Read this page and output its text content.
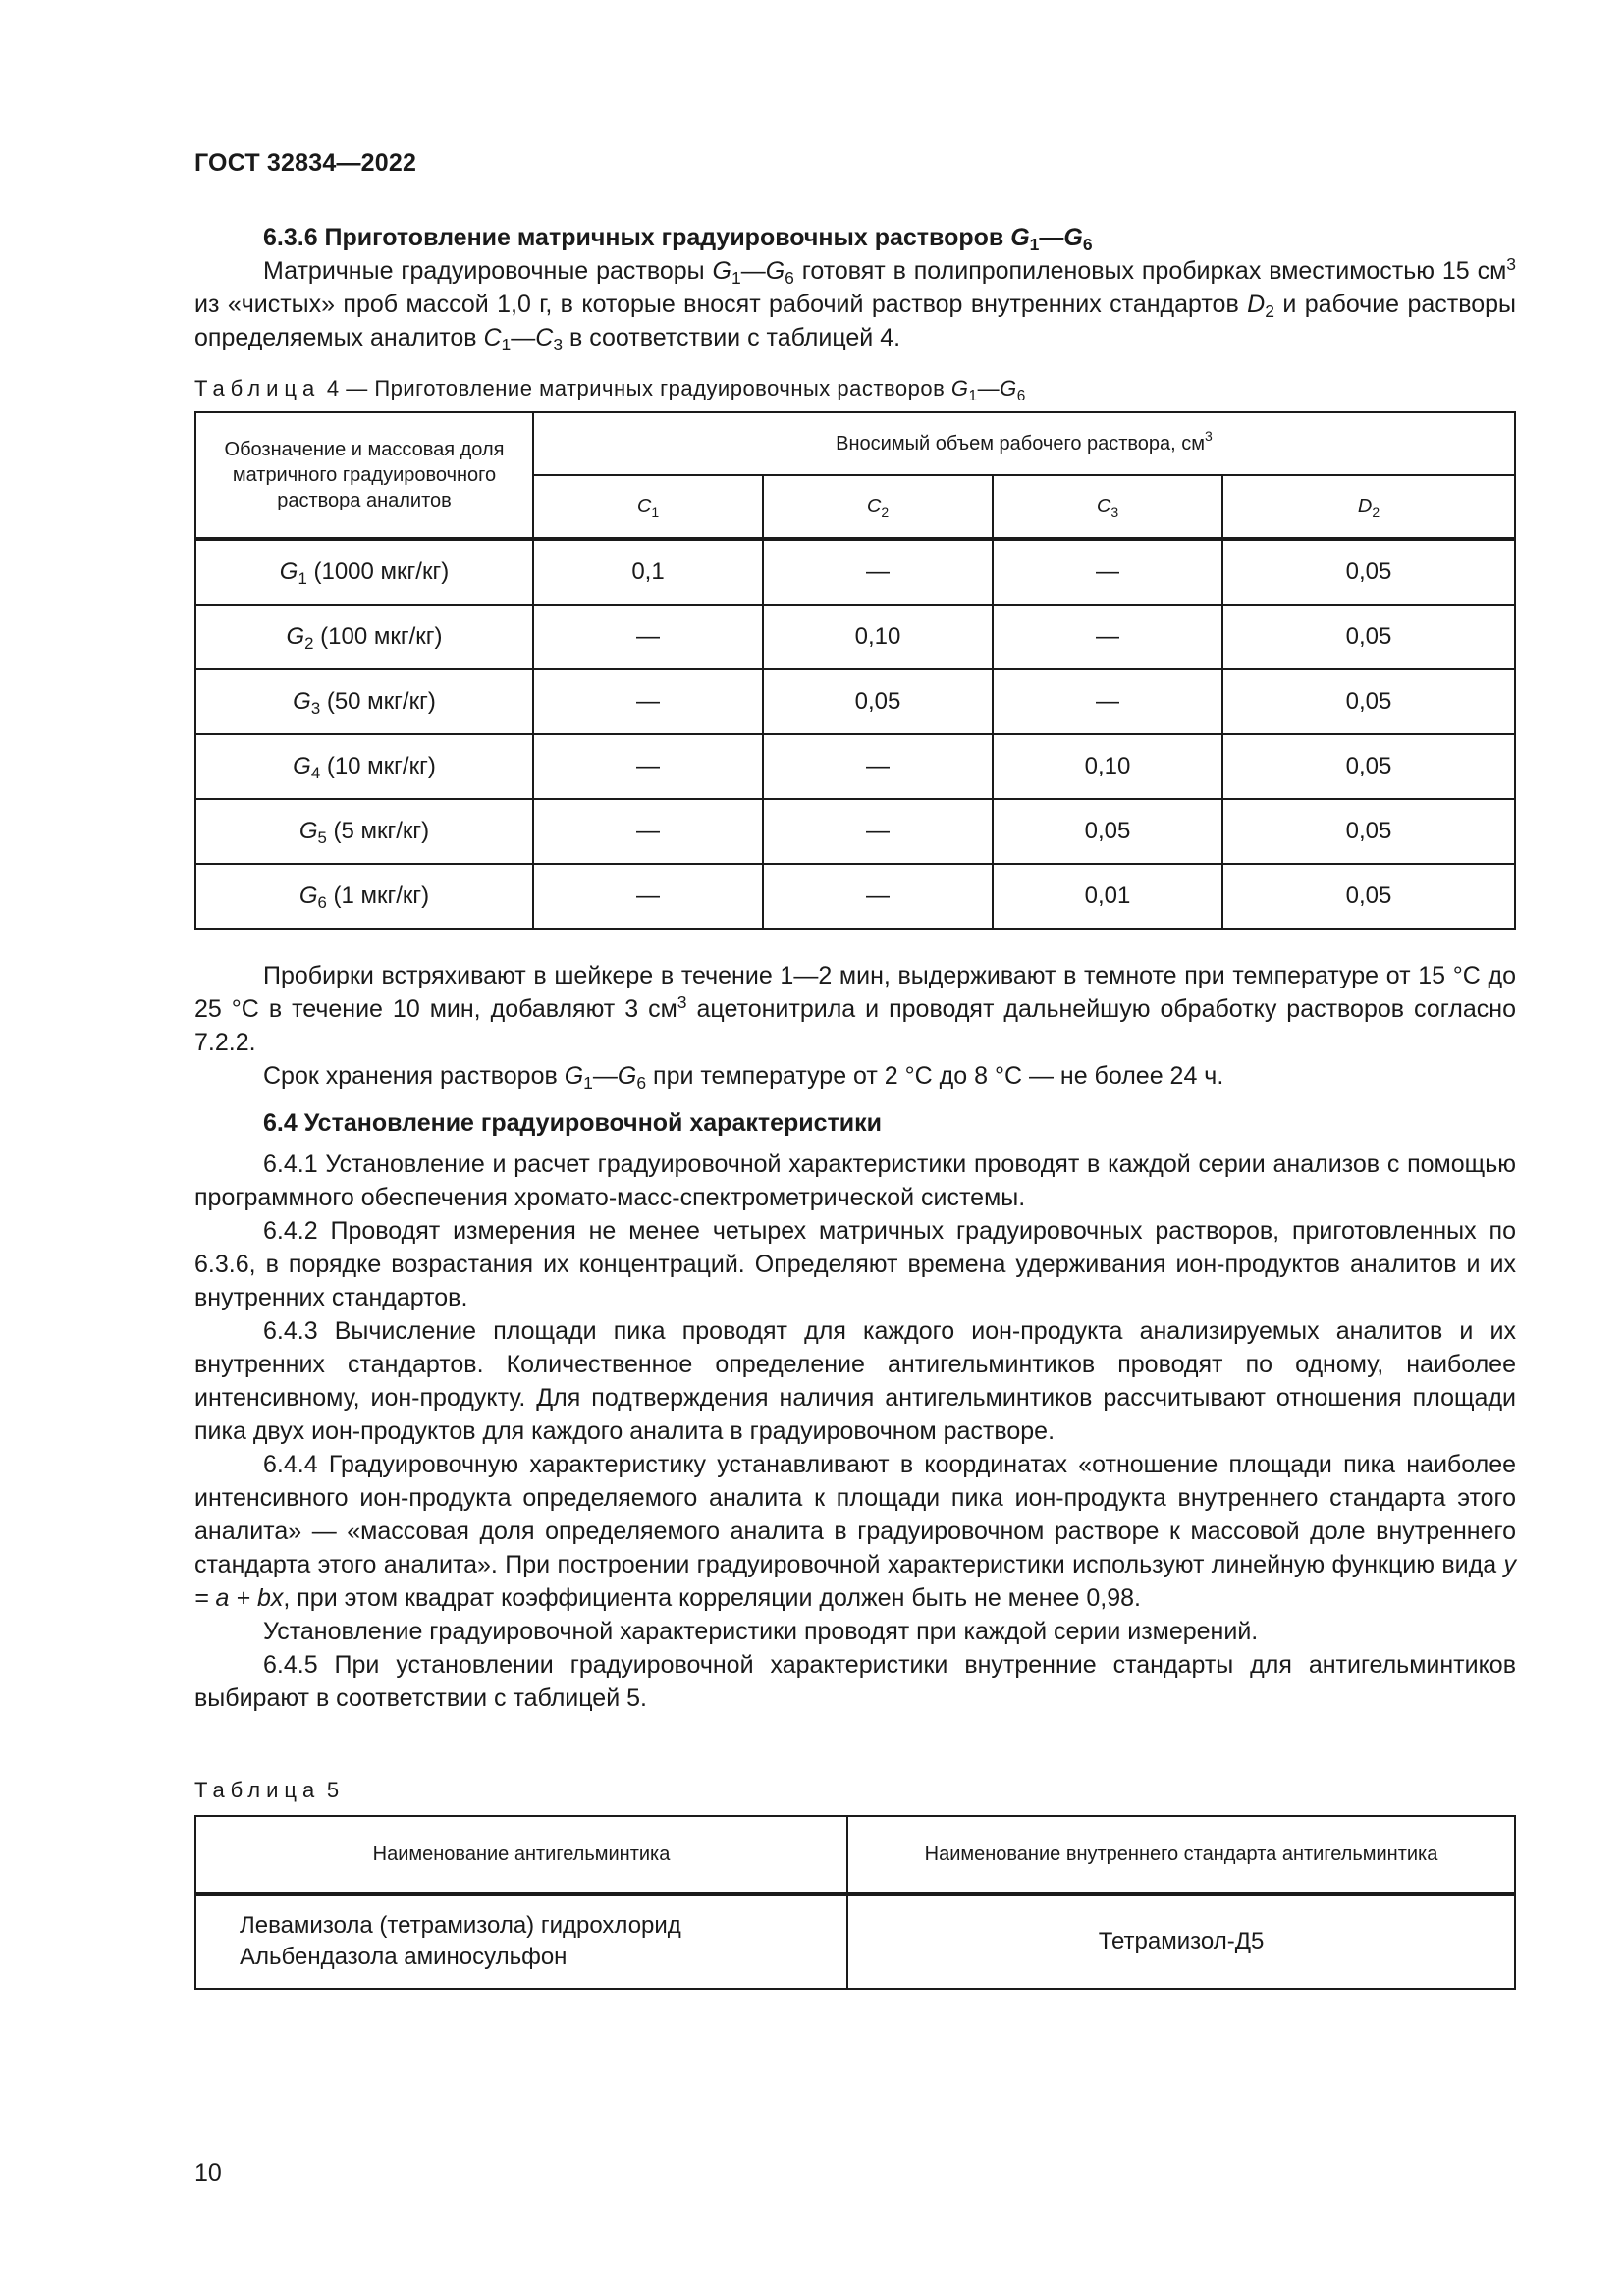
ГОСТ 32834—2022
6.3.6 Приготовление матричных градуировочных растворов $G_1—G_6$

Матричные градуировочные растворы $G_1—G_6$ готовят в полипропиленовых пробирках вместимостью 15 $см^3$ из «чистых» проб массой 1,0 г, в которые вносят рабочий раствор внутренних стандартов $D_2$ и рабочие растворы определяемых аналитов $C_1—C_3$ в соответствии с таблицей 4.

Таблица 4 — Приготовление матричных градуировочных растворов $G_1—G_6$

Обозначение и массовая доля матричного градуировочного раствора аналитов	Вносимый объем рабочего раствора, $см^3$
	$C_1$	$C_2$	$C_3$	$D_2$
$G_1$ (1000 мкг/кг)	0,1	—	—	0,05
$G_2$ (100 мкг/кг)	—	0,10	—	0,05
$G_3$ (50 мкг/кг)	—	0,05	—	0,05
$G_4$ (10 мкг/кг)	—	—	0,10	0,05
$G_5$ (5 мкг/кг)	—	—	0,05	0,05
$G_6$ (1 мкг/кг)	—	—	0,01	0,05

Пробирки встряхивают в шейкере в течение 1—2 мин, выдерживают в темноте при температуре от 15 °C до 25 °C в течение 10 мин, добавляют 3 $см^3$ ацетонитрила и проводят дальнейшую обработку растворов согласно 7.2.2.

Срок хранения растворов $G_1—G_6$ при температуре от 2 °C до 8 °C — не более 24 ч.

6.4 Установление градуировочной характеристики

6.4.1 Установление и расчет градуировочной характеристики проводят в каждой серии анализов с помощью программного обеспечения хромато-масс-спектрометрической системы.

6.4.2 Проводят измерения не менее четырех матричных градуировочных растворов, приготовленных по 6.3.6, в порядке возрастания их концентраций. Определяют времена удерживания ион-продуктов аналитов и их внутренних стандартов.

6.4.3 Вычисление площади пика проводят для каждого ион-продукта анализируемых аналитов и их внутренних стандартов. Количественное определение антигельминтиков проводят по одному, наиболее интенсивному, ион-продукту. Для подтверждения наличия антигельминтиков рассчитывают отношения площади пика двух ион-продуктов для каждого аналита в градуировочном растворе.

6.4.4 Градуировочную характеристику устанавливают в координатах «отношение площади пика наиболее интенсивного ион-продукта определяемого аналита к площади пика ион-продукта внутреннего стандарта этого аналита» — «массовая доля определяемого аналита в градуировочном растворе к массовой доле внутреннего стандарта этого аналита». При построении градуировочной характеристики используют линейную функцию вида y = a + bx, при этом квадрат коэффициента корреляции должен быть не менее 0,98.

Установление градуировочной характеристики проводят при каждой серии измерений.

6.4.5 При установлении градуировочной характеристики внутренние стандарты для антигельминтиков выбирают в соответствии с таблицей 5.

Таблица 5

Наименование антигельминтика	Наименование внутреннего стандарта антигельминтика
Левамизола (тетрамизола) гидрохлорид
Альбендазола аминосульфон	Тетрамизол-Д5
10
